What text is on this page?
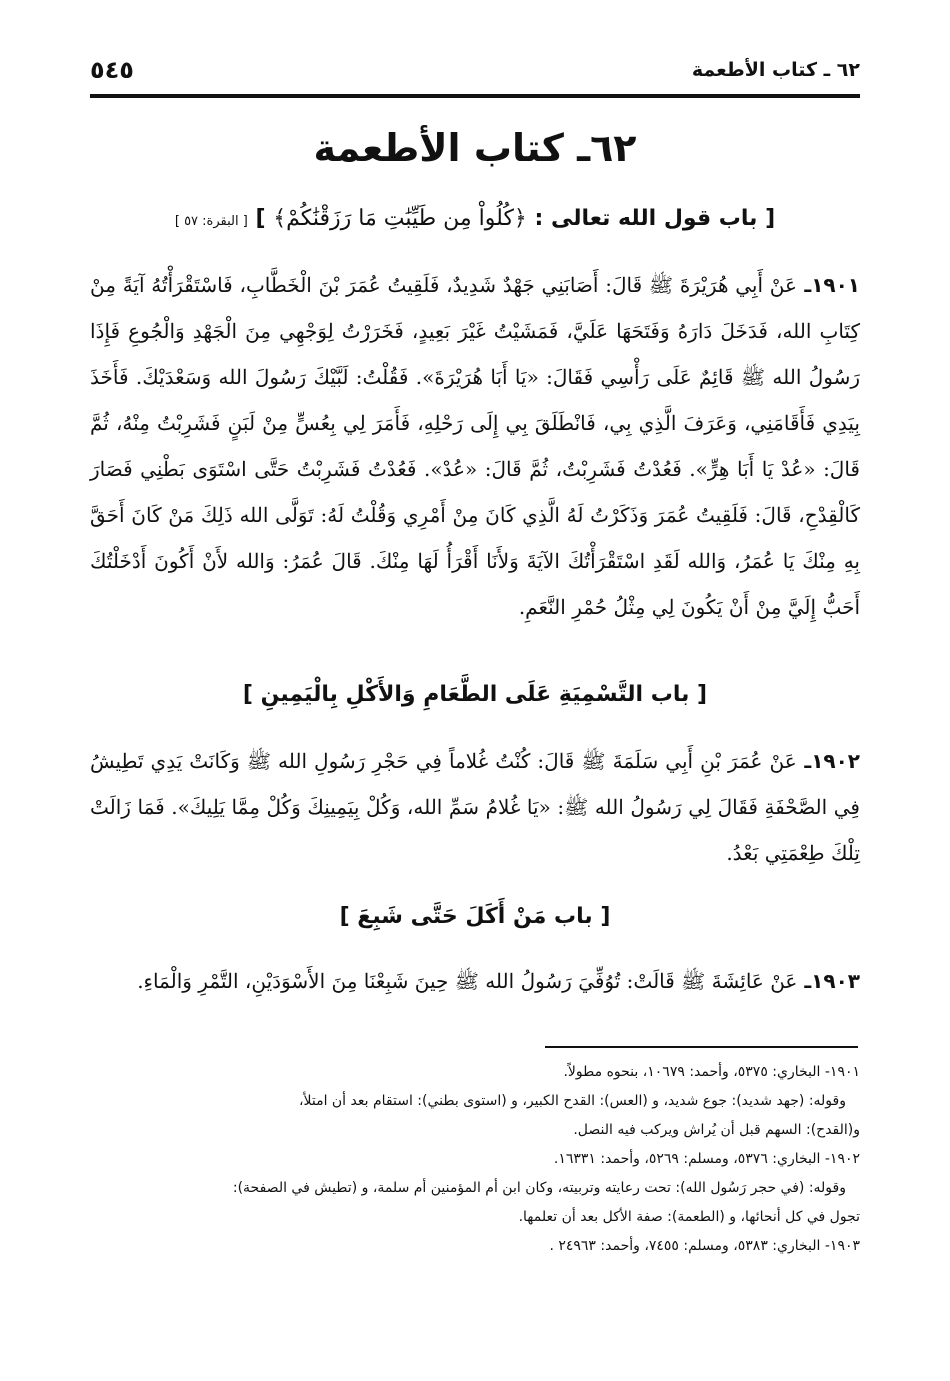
٦٢ ـ كتاب الأطعمة
٥٤٥
٦٢ـ كتاب الأطعمة
[ باب قول الله تعالى : ﴿كُلُواْ مِن طَيِّبَٰتِ مَا رَزَقْنَٰكُمْ﴾ ] [ البقرة: ٥٧ ]
١٩٠١ـ عَنْ أَبِي هُرَيْرَةَ ﷺ قَالَ: أَصَابَنِي جَهْدٌ شَدِيدٌ، فَلَقِيتُ عُمَرَ بْنَ الْخَطَّابِ، فَاسْتَقْرَأْتُهُ آيَةً مِنْ كِتَابِ الله، فَدَخَلَ دَارَهُ وَفَتَحَهَا عَلَيَّ، فَمَشَيْتُ غَيْرَ بَعِيدٍ، فَخَرَرْتُ لِوَجْهِي مِنَ الْجَهْدِ وَالْجُوعِ فَإِذَا رَسُولُ الله ﷺ قَائِمٌ عَلَى رَأْسِي فَقَالَ: «يَا أَبَا هُرَيْرَةَ». فَقُلْتُ: لَبَّيْكَ رَسُولَ الله وَسَعْدَيْكَ. فَأَخَذَ بِيَدِي فَأَقَامَنِي، وَعَرَفَ الَّذِي بِي، فَانْطَلَقَ بِي إِلَى رَحْلِهِ، فَأَمَرَ لِي بِعُسٍّ مِنْ لَبَنٍ فَشَرِبْتُ مِنْهُ، ثُمَّ قَالَ: «عُدْ يَا أَبَا هِرٍّ». فَعُدْتُ فَشَرِبْتُ، ثُمَّ قَالَ: «عُدْ». فَعُدْتُ فَشَرِبْتُ حَتَّى اسْتَوَى بَطْنِي فَصَارَ كَالْقِدْحِ، قَالَ: فَلَقِيتُ عُمَرَ وَذَكَرْتُ لَهُ الَّذِي كَانَ مِنْ أَمْرِي وَقُلْتُ لَهُ: تَوَلَّى الله ذَلِكَ مَنْ كَانَ أَحَقَّ بِهِ مِنْكَ يَا عُمَرُ، وَالله لَقَدِ اسْتَقْرَأْتُكَ الآيَةَ وَلأَنَا أَقْرَأُ لَهَا مِنْكَ. قَالَ عُمَرُ: وَالله لأَنْ أَكُونَ أَدْخَلْتُكَ أَحَبُّ إِلَيَّ مِنْ أَنْ يَكُونَ لِي مِثْلُ حُمْرِ النَّعَمِ.
[ باب التَّسْمِيَةِ عَلَى الطَّعَامِ وَالأَكْلِ بِالْيَمِينِ ]
١٩٠٢ـ عَنْ عُمَرَ بْنِ أَبِي سَلَمَةَ ﷺ قَالَ: كُنْتُ غُلاماً فِي حَجْرِ رَسُولِ الله ﷺ وَكَانَتْ يَدِي تَطِيشُ فِي الصَّحْفَةِ فَقَالَ لِي رَسُولُ الله ﷺ: «يَا غُلامُ سَمِّ الله، وَكُلْ بِيَمِينِكَ وَكُلْ مِمَّا يَلِيكَ». فَمَا زَالَتْ تِلْكَ طِعْمَتِي بَعْدُ.
[ باب مَنْ أَكَلَ حَتَّى شَبِعَ ]
١٩٠٣ـ عَنْ عَائِشَةَ ﷺ قَالَتْ: تُوُفِّيَ رَسُولُ الله ﷺ حِينَ شَبِعْنَا مِنَ الأَسْوَدَيْنِ، التَّمْرِ وَالْمَاءِ.
١٩٠١- البخاري: ٥٣٧٥، وأحمد: ١٠٦٧٩، بنحوه مطولاً.
وقوله: (جهد شديد): جوع شديد، و (العس): القدح الكبير، و (استوى بطني): استقام بعد أن امتلأ،
و(القدح): السهم قبل أن يُراش ويركب فيه النصل.
١٩٠٢- البخاري: ٥٣٧٦، ومسلم: ٥٢٦٩، وأحمد: ١٦٣٣١.
وقوله: (في حجر رَسُول الله): تحت رعايته وتربيته، وكان ابن أم المؤمنين أم سلمة، و (تطيش في الصفحة):
تجول في كل أنحائها، و (الطعمة): صفة الأكل بعد أن تعلمها.
١٩٠٣- البخاري: ٥٣٨٣، ومسلم: ٧٤٥٥، وأحمد: ٢٤٩٦٣ .
